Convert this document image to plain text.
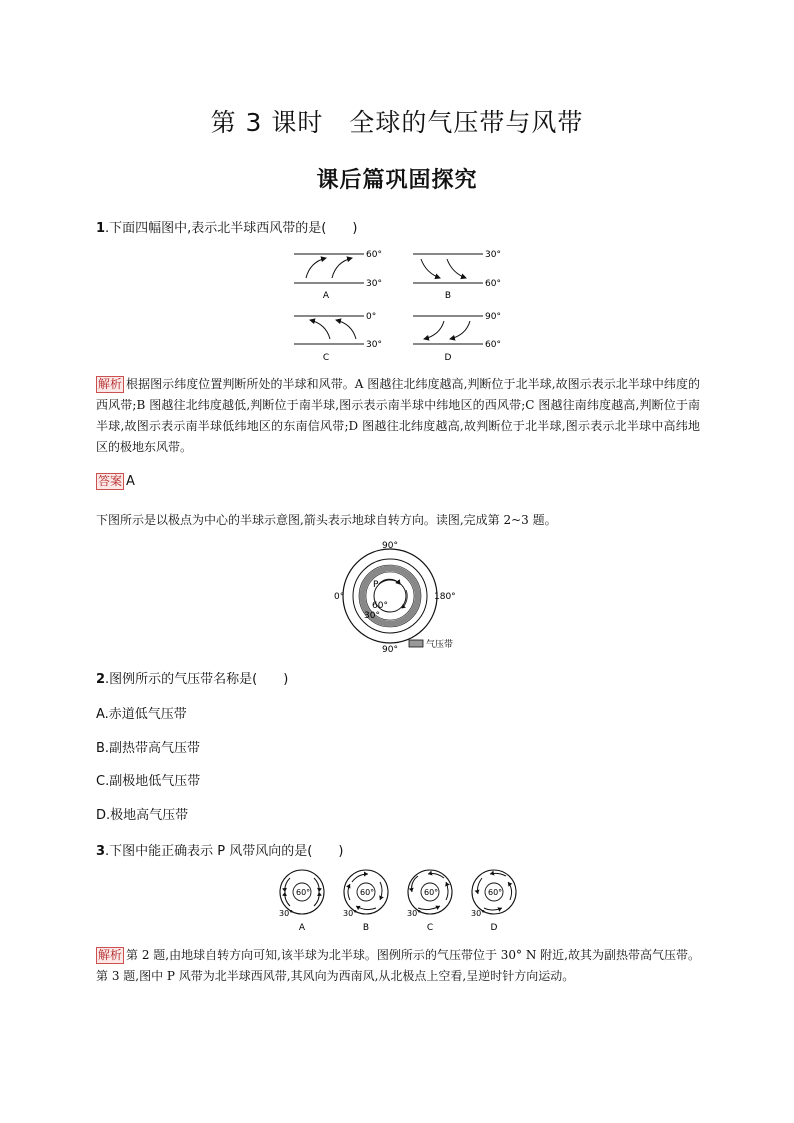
第 3 课时　全球的气压带与风带
课后篇巩固探究
1.下面四幅图中,表示北半球西风带的是(　　)
60°
30°
A
30°
60°
B
0°
30°
C
90°
60°
D
解析 根据图示纬度位置判断所处的半球和风带。A 图越往北纬度越高,判断位于北半球,故图示表示北半球中纬度的西风带;B 图越往北纬度越低,判断位于南半球,图示表示南半球中纬地区的西风带;C 图越往南纬度越高,判断位于南半球,故图示表示南半球低纬地区的东南信风带;D 图越往北纬度越高,故判断位于北半球,图示表示北半球中高纬地区的极地东风带。
答案 A
下图所示是以极点为中心的半球示意图,箭头表示地球自转方向。读图,完成第 2~3 题。
90°
90°
0°	180°
P
60°
30°
气压带
2.图例所示的气压带名称是(　　)
A.赤道低气压带
B.副热带高气压带
C.副极地低气压带
D.极地高气压带
3.下图中能正确表示 P 风带风向的是(　　)
60°
30°
A
60°
30°
B
60°
30°
C
60°
30°
D
解析 第 2 题,由地球自转方向可知,该半球为北半球。图例所示的气压带位于 30° N 附近,故其为副热带高气压带。第 3 题,图中 P 风带为北半球西风带,其风向为西南风,从北极点上空看,呈逆时针方向运动。
